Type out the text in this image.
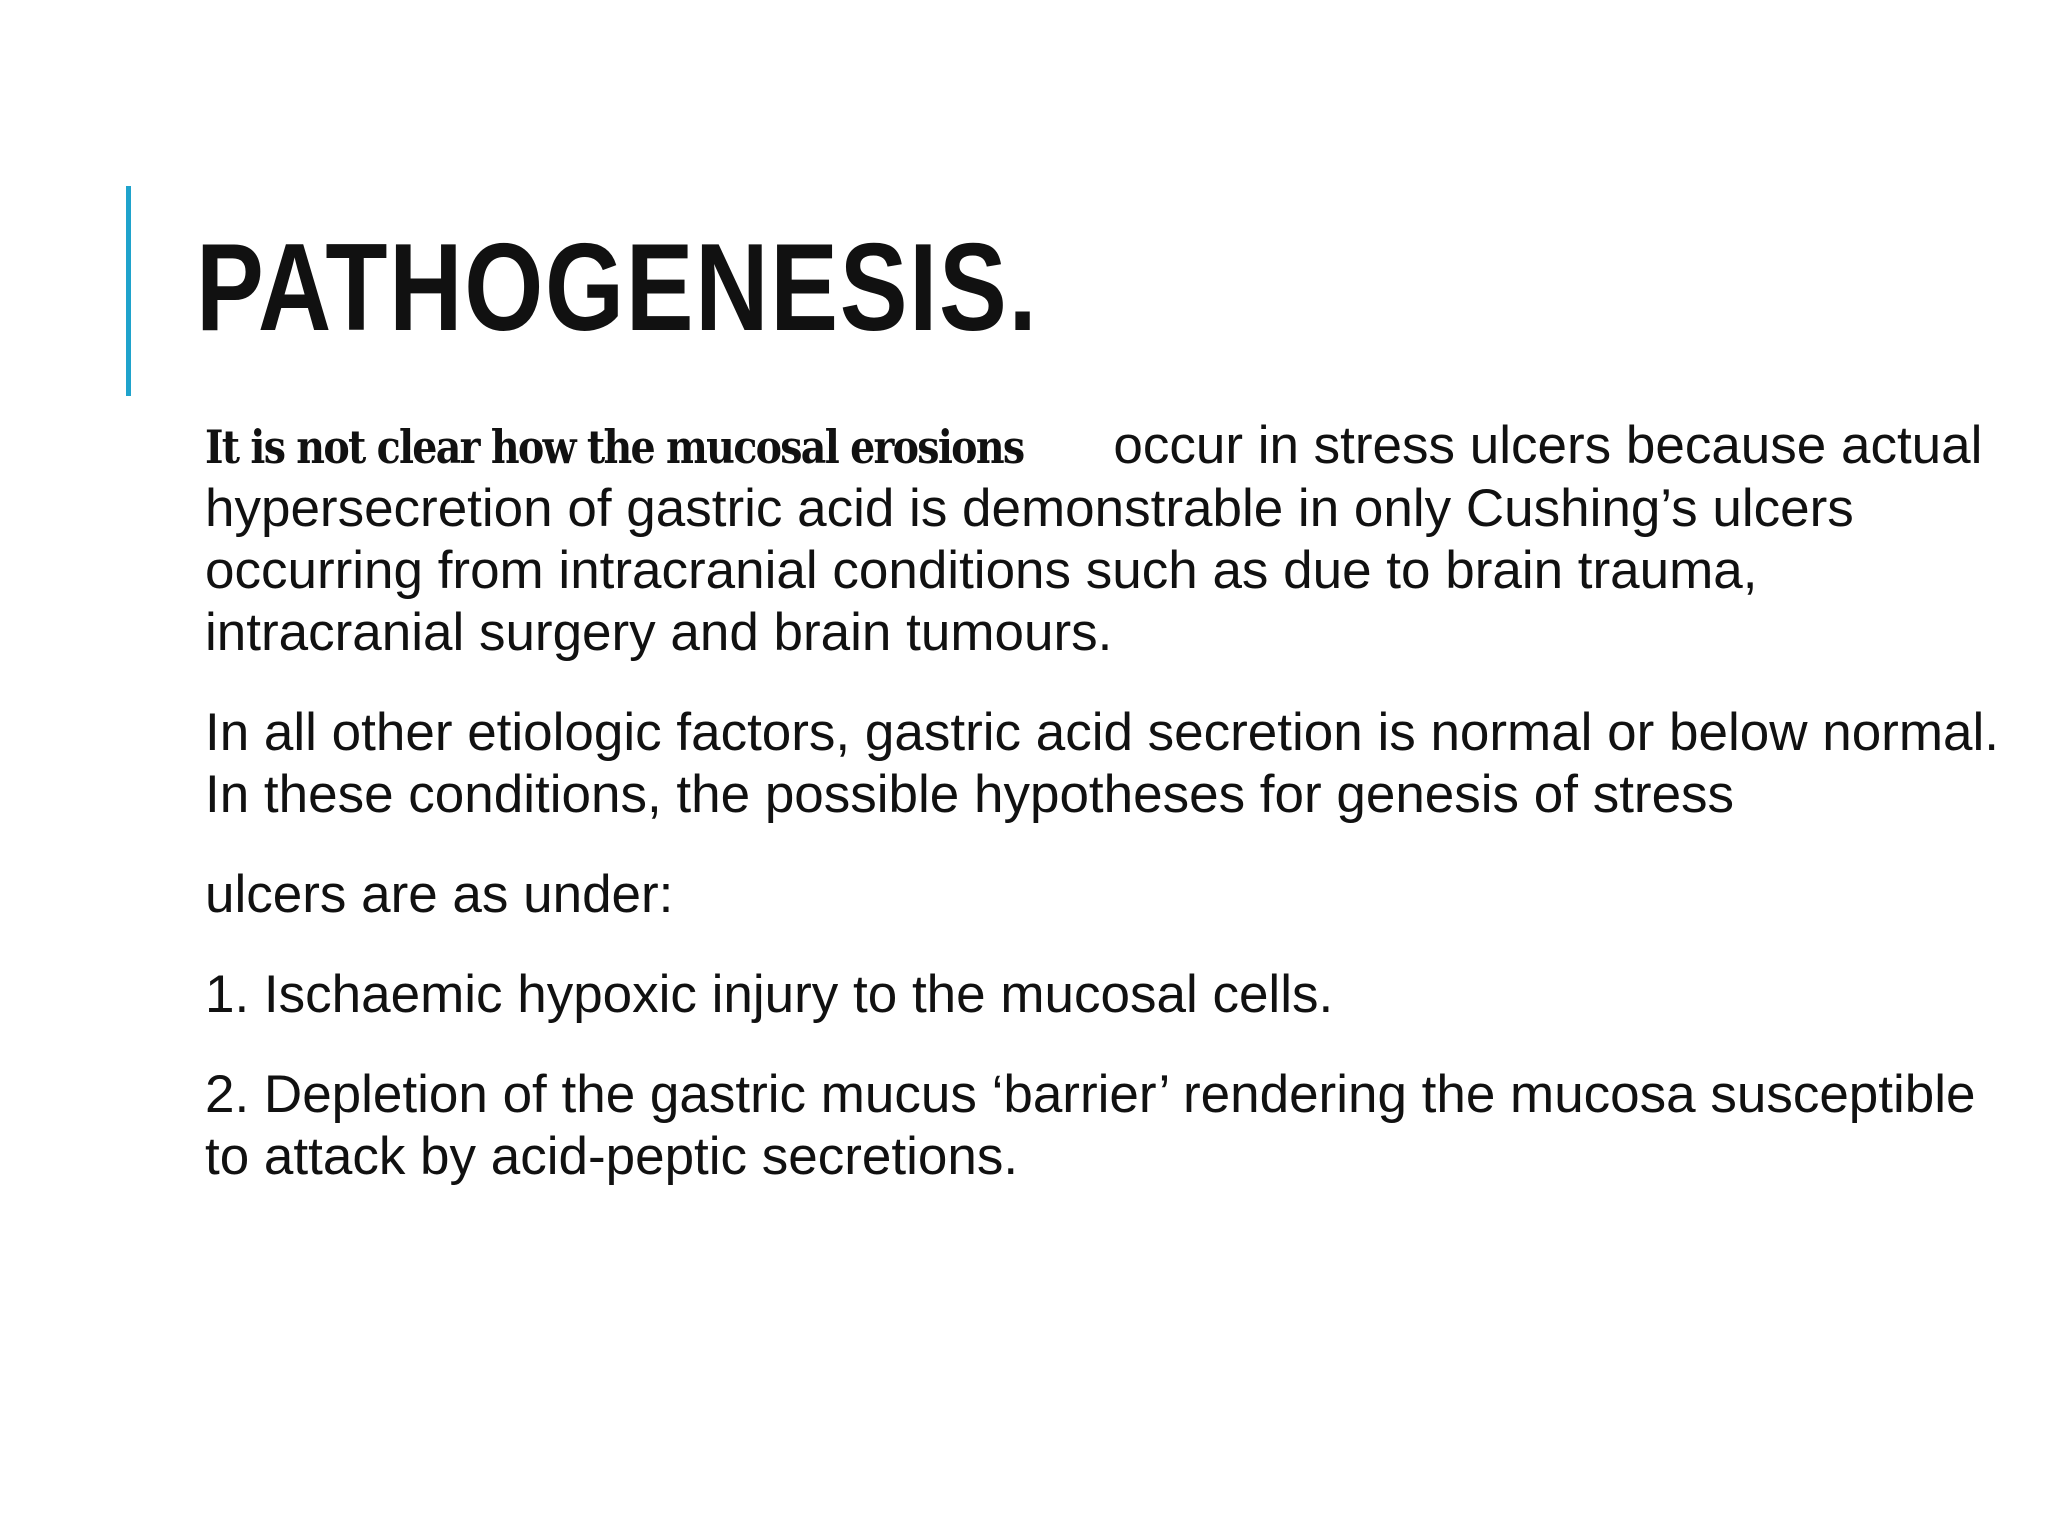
PATHOGENESIS.

It is not clear how the mucosal erosions occur in stress ulcers because actual hypersecretion of gastric acid is demonstrable in only Cushing’s ulcers occurring from intracranial conditions such as due to brain trauma, intracranial surgery and brain tumours.

In all other etiologic factors, gastric acid secretion is normal or below normal. In these conditions, the possible hypotheses for genesis of stress

ulcers are as under:

1. Ischaemic hypoxic injury to the mucosal cells.

2. Depletion of the gastric mucus ‘barrier’ rendering the mucosa susceptible to attack by acid-peptic secretions.
